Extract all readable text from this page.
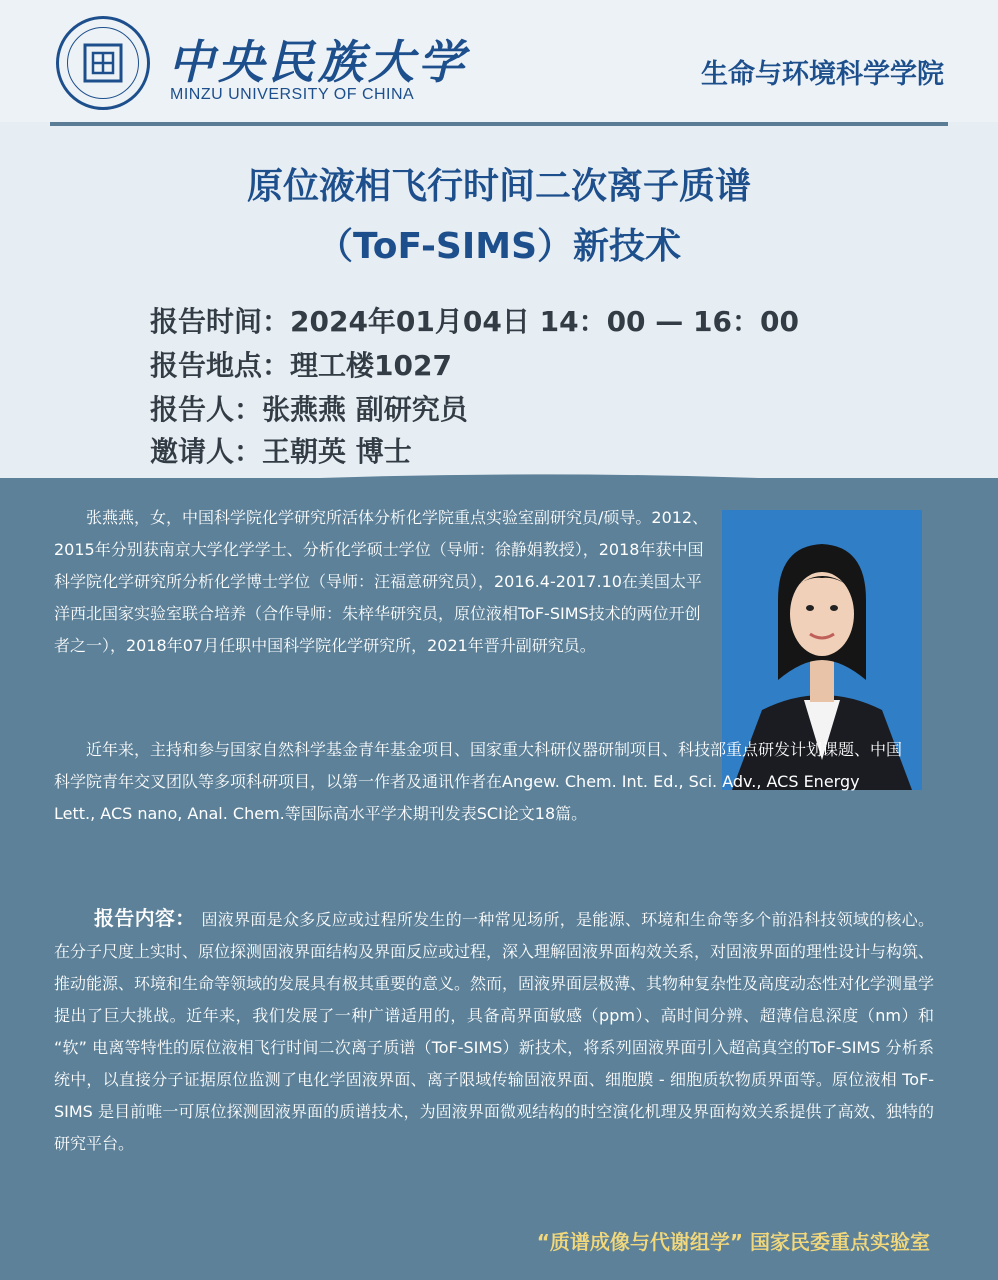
中央民族大学
MINZU UNIVERSITY OF CHINA
生命与环境科学学院
原位液相飞行时间二次离子质谱
（ToF-SIMS）新技术
报告时间：2024年01月04日 14：00 — 16：00
报告地点：理工楼1027
报告人：张燕燕 副研究员
邀请人：王朝英 博士

张燕燕，女，中国科学院化学研究所活体分析化学院重点实验室副研究员/硕导。2012、2015年分别获南京大学化学学士、分析化学硕士学位（导师：徐静娟教授），2018年获中国科学院化学研究所分析化学博士学位（导师：汪福意研究员），2016.4-2017.10在美国太平洋西北国家实验室联合培养（合作导师：朱梓华研究员，原位液相ToF-SIMS技术的两位开创者之一），2018年07月任职中国科学院化学研究所，2021年晋升副研究员。

近年来，主持和参与国家自然科学基金青年基金项目、国家重大科研仪器研制项目、科技部重点研发计划课题、中国科学院青年交叉团队等多项科研项目，以第一作者及通讯作者在Angew. Chem. Int. Ed., Sci. Adv., ACS Energy Lett., ACS nano, Anal. Chem.等国际高水平学术期刊发表SCI论文18篇。

报告内容： 固液界面是众多反应或过程所发生的一种常见场所，是能源、环境和生命等多个前沿科技领域的核心。在分子尺度上实时、原位探测固液界面结构及界面反应或过程，深入理解固液界面构效关系，对固液界面的理性设计与构筑、推动能源、环境和生命等领域的发展具有极其重要的意义。然而，固液界面层极薄、其物种复杂性及高度动态性对化学测量学提出了巨大挑战。近年来，我们发展了一种广谱适用的，具备高界面敏感（ppm）、高时间分辨、超薄信息深度（nm）和 “软” 电离等特性的原位液相飞行时间二次离子质谱（ToF-SIMS）新技术，将系列固液界面引入超高真空的ToF-SIMS 分析系统中，以直接分子证据原位监测了电化学固液界面、离子限域传输固液界面、细胞膜 - 细胞质软物质界面等。原位液相 ToF-SIMS 是目前唯一可原位探测固液界面的质谱技术，为固液界面微观结构的时空演化机理及界面构效关系提供了高效、独特的研究平台。

“质谱成像与代谢组学” 国家民委重点实验室
